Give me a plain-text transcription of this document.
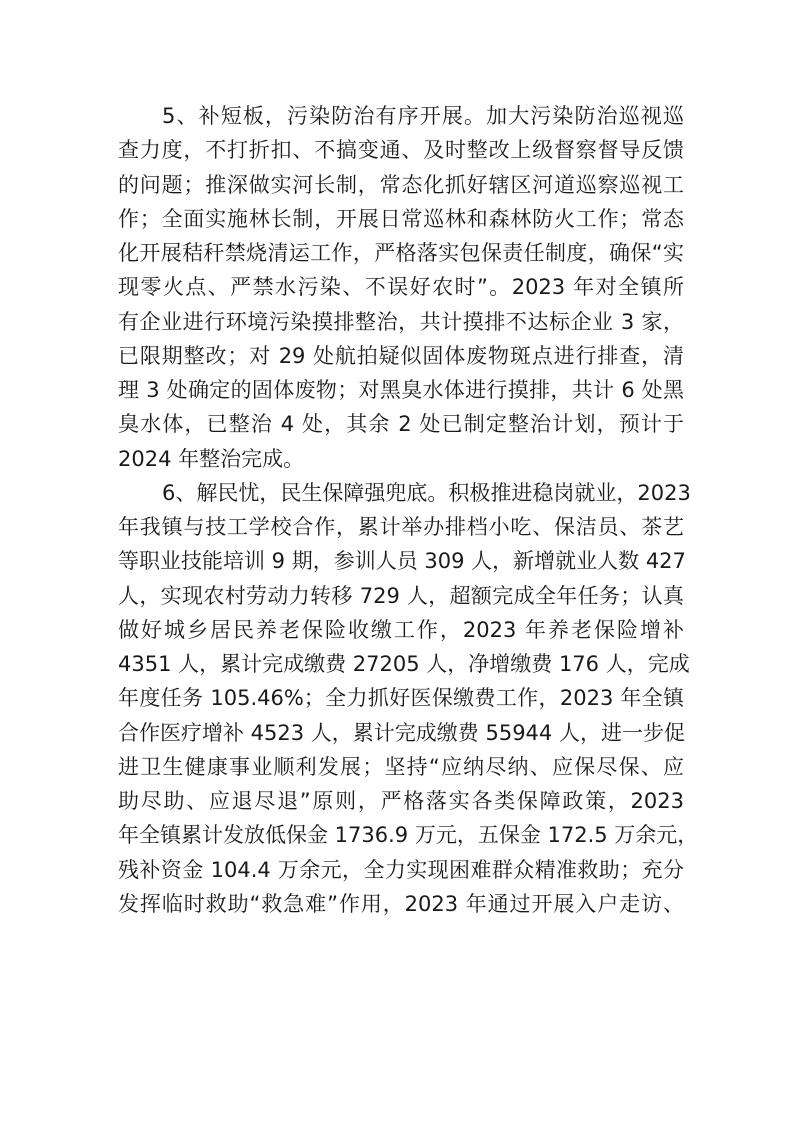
5、补短板，污染防治有序开展。加大污染防治巡视巡
查力度，不打折扣、不搞变通、及时整改上级督察督导反馈
的问题；推深做实河长制，常态化抓好辖区河道巡察巡视工
作；全面实施林长制，开展日常巡林和森林防火工作；常态
化开展秸秆禁烧清运工作，严格落实包保责任制度，确保“实
现零火点、严禁水污染、不误好农时”。2023 年对全镇所
有企业进行环境污染摸排整治，共计摸排不达标企业 3 家，
已限期整改；对 29 处航拍疑似固体废物斑点进行排查，清
理 3 处确定的固体废物；对黑臭水体进行摸排，共计 6 处黑
臭水体，已整治 4 处，其余 2 处已制定整治计划，预计于
2024 年整治完成。
6、解民忧，民生保障强兜底。积极推进稳岗就业，2023
年我镇与技工学校合作，累计举办排档小吃、保洁员、茶艺
等职业技能培训 9 期，参训人员 309 人，新增就业人数 427
人，实现农村劳动力转移 729 人，超额完成全年任务；认真
做好城乡居民养老保险收缴工作，2023 年养老保险增补
4351 人，累计完成缴费 27205 人，净增缴费 176 人，完成
年度任务 105.46%；全力抓好医保缴费工作，2023 年全镇
合作医疗增补 4523 人，累计完成缴费 55944 人，进一步促
进卫生健康事业顺利发展；坚持“应纳尽纳、应保尽保、应
助尽助、应退尽退”原则，严格落实各类保障政策，2023
年全镇累计发放低保金 1736.9 万元，五保金 172.5 万余元，
残补资金 104.4 万余元，全力实现困难群众精准救助；充分
发挥临时救助“救急难”作用，2023 年通过开展入户走访、
